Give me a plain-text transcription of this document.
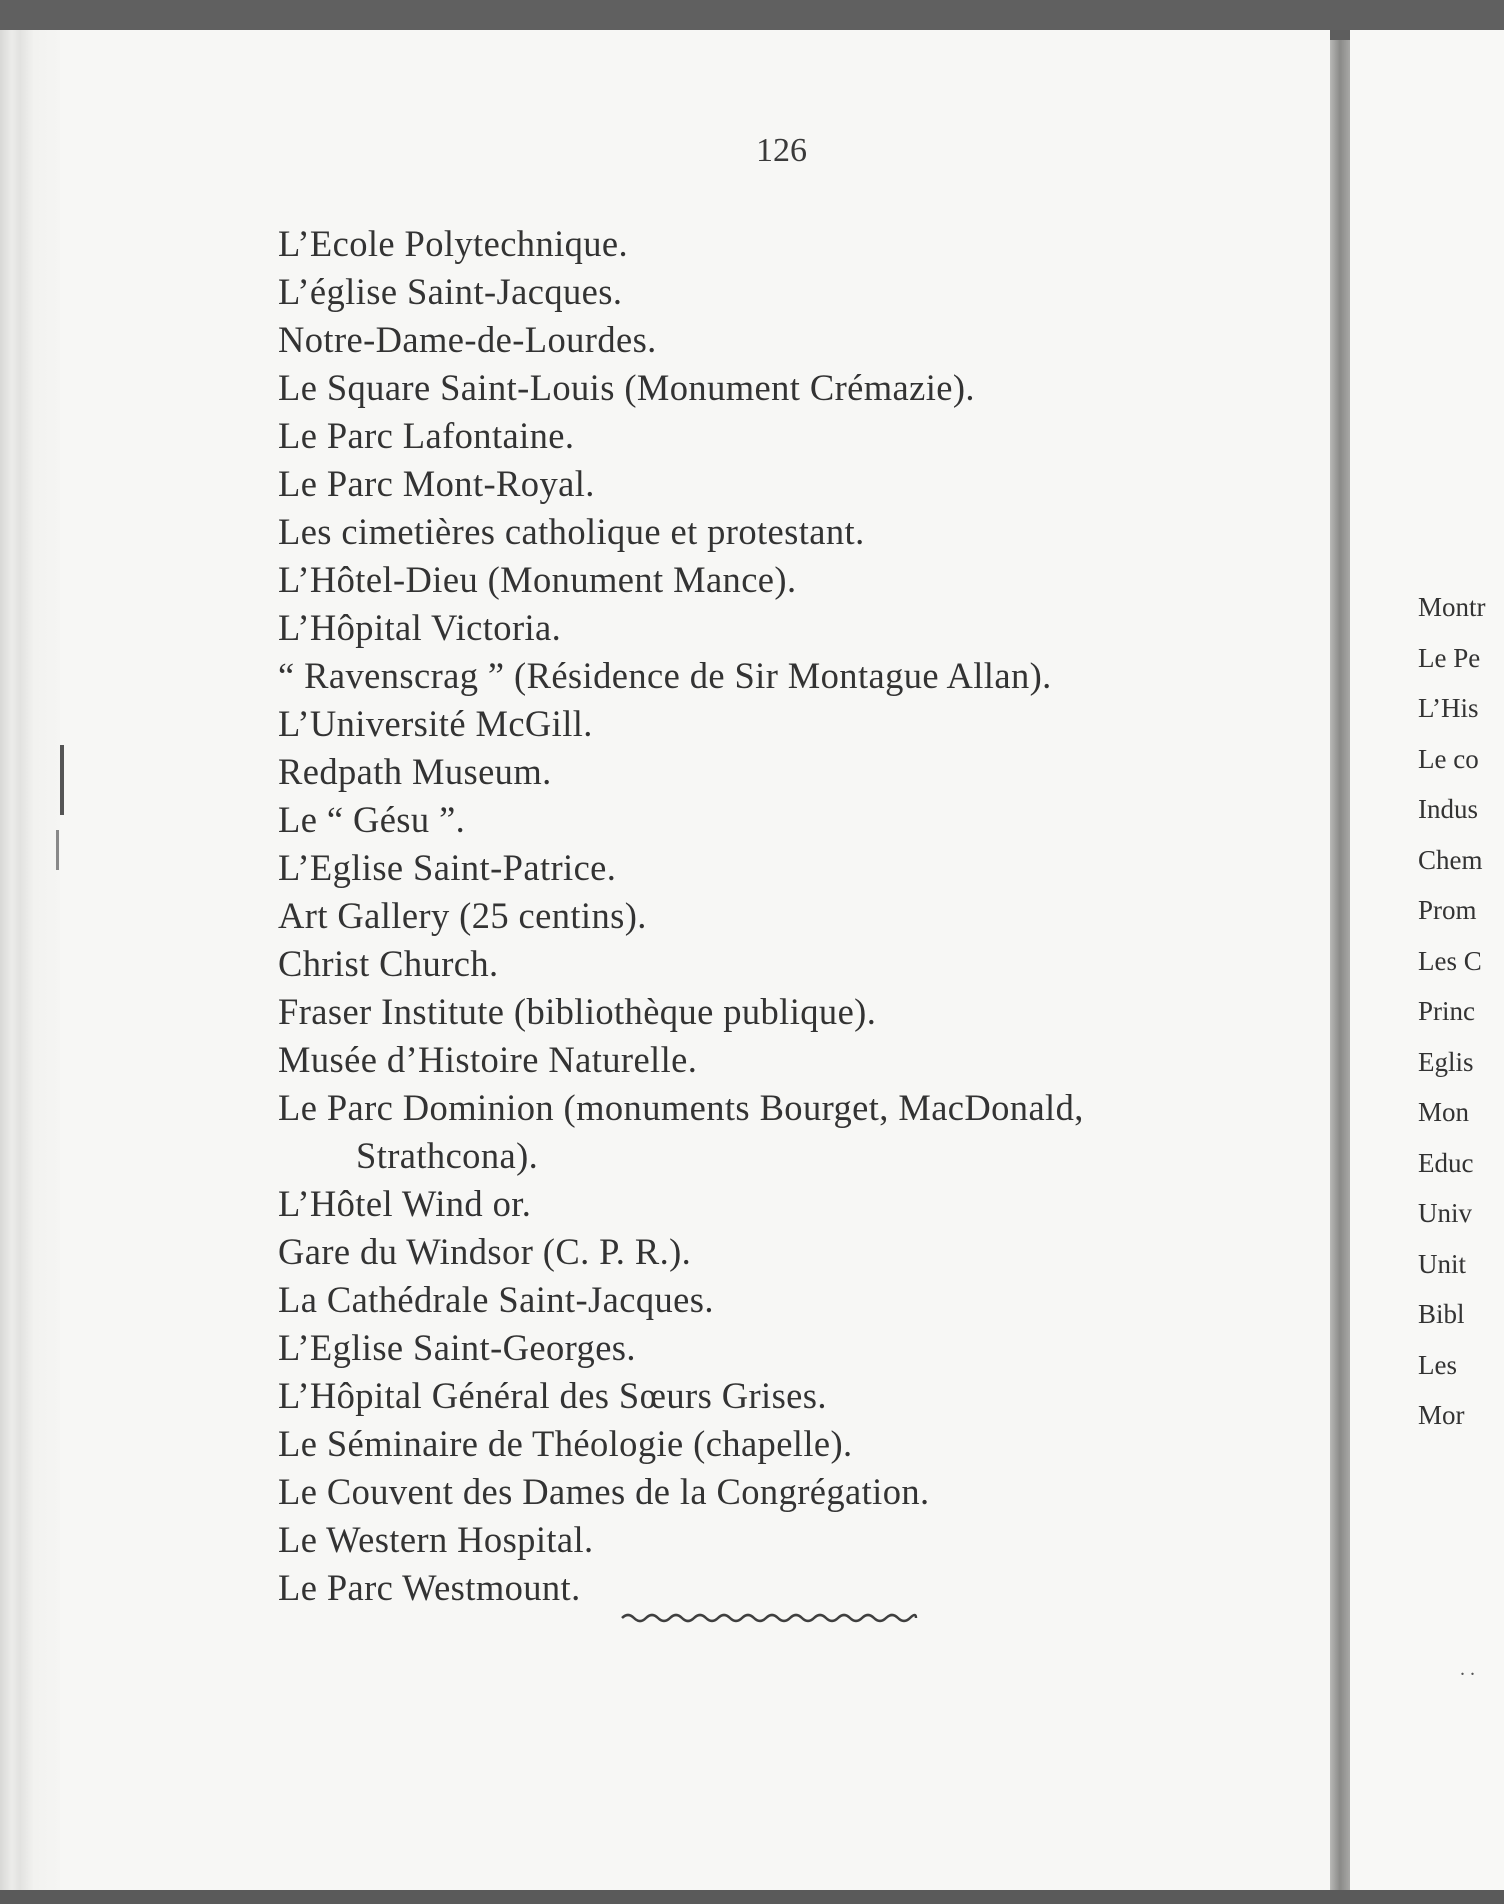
126
L’Ecole Polytechnique.
L’église Saint-Jacques.
Notre-Dame-de-Lourdes.
Le Square Saint-Louis (Monument Crémazie).
Le Parc Lafontaine.
Le Parc Mont-Royal.
Les cimetières catholique et protestant.
L’Hôtel-Dieu (Monument Mance).
L’Hôpital Victoria.
“ Ravenscrag ” (Résidence de Sir Montague Allan).
L’Université McGill.
Redpath Museum.
Le “ Gésu ”.
L’Eglise Saint-Patrice.
Art Gallery (25 centins).
Christ Church.
Fraser Institute (bibliothèque publique).
Musée d’Histoire Naturelle.
Le Parc Dominion (monuments Bourget, MacDonald,
Strathcona).
L’Hôtel Wind or.
Gare du Windsor (C. P. R.).
La Cathédrale Saint-Jacques.
L’Eglise Saint-Georges.
L’Hôpital Général des Sœurs Grises.
Le Séminaire de Théologie (chapelle).
Le Couvent des Dames de la Congrégation.
Le Western Hospital.
Le Parc Westmount.
Montr
Le Pe
L’His
Le co
Indus
Chem
Prom
Les C
Princ
Eglis
Mon
Educ
Univ
Unit
Bibl
Les
Mor
. .
